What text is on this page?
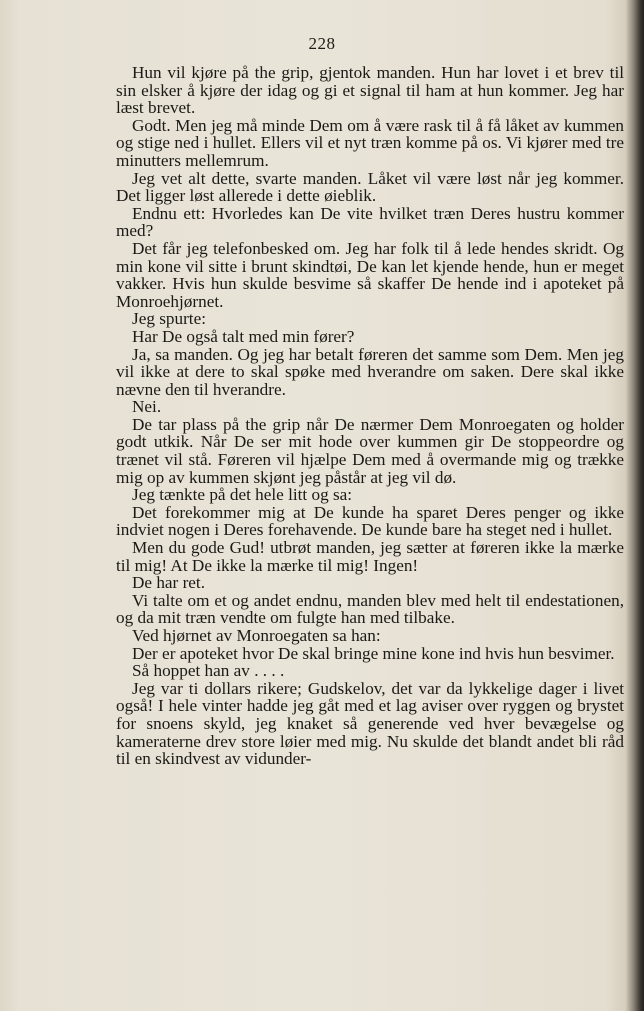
228

Hun vil kjøre på the grip, gjentok manden. Hun har lovet i et brev til sin elsker å kjøre der idag og gi et signal til ham at hun kommer. Jeg har læst brevet.

Godt. Men jeg må minde Dem om å være rask til å få låket av kummen og stige ned i hullet. Ellers vil et nyt træn komme på os. Vi kjører med tre minutters mellemrum.

Jeg vet alt dette, svarte manden. Låket vil være løst når jeg kommer. Det ligger løst allerede i dette øieblik.

Endnu ett: Hvorledes kan De vite hvilket træn Deres hustru kommer med?

Det får jeg telefonbesked om. Jeg har folk til å lede hendes skridt. Og min kone vil sitte i brunt skindtøi, De kan let kjende hende, hun er meget vakker. Hvis hun skulde besvime så skaffer De hende ind i apoteket på Monroehjørnet.

Jeg spurte:

Har De også talt med min fører?

Ja, sa manden. Og jeg har betalt føreren det samme som Dem. Men jeg vil ikke at dere to skal spøke med hverandre om saken. Dere skal ikke nævne den til hverandre.

Nei.

De tar plass på the grip når De nærmer Dem Monroegaten og holder godt utkik. Når De ser mit hode over kummen gir De stoppeordre og trænet vil stå. Føreren vil hjælpe Dem med å overmande mig og trække mig op av kummen skjønt jeg påstår at jeg vil dø.

Jeg tænkte på det hele litt og sa:

Det forekommer mig at De kunde ha sparet Deres penger og ikke indviet nogen i Deres forehavende. De kunde bare ha steget ned i hullet.

Men du gode Gud! utbrøt manden, jeg sætter at føreren ikke la mærke til mig! At De ikke la mærke til mig! Ingen!

De har ret.

Vi talte om et og andet endnu, manden blev med helt til endestationen, og da mit træn vendte om fulgte han med tilbake.

Ved hjørnet av Monroegaten sa han:

Der er apoteket hvor De skal bringe mine kone ind hvis hun besvimer.

Så hoppet han av . . . .

Jeg var ti dollars rikere; Gudskelov, det var da lykkelige dager i livet også! I hele vinter hadde jeg gåt med et lag aviser over ryggen og brystet for snoens skyld, jeg knaket så generende ved hver bevægelse og kameraterne drev store løier med mig. Nu skulde det blandt andet bli råd til en skindvest av vidunder-
